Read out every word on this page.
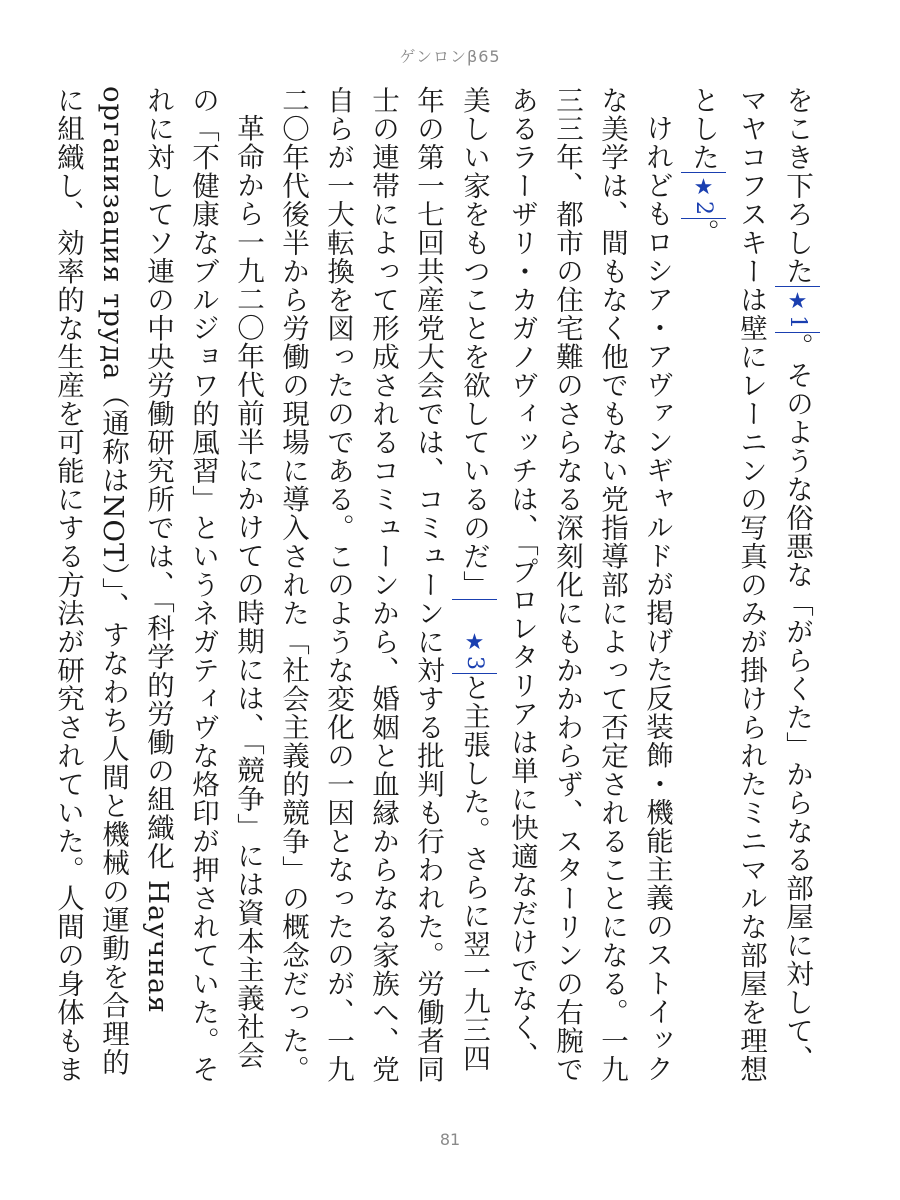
ゲンロンβ65

をこき下ろした★1。そのような俗悪な「がらくた」からなる部屋に対して、マヤコフスキーは壁にレーニンの写真のみが掛けられたミニマルな部屋を理想とした★2。

けれどもロシア・アヴァンギャルドが掲げた反装飾・機能主義のストイックな美学は、間もなく他でもない党指導部によって否定されることになる。一九三三年、都市の住宅難のさらなる深刻化にもかかわらず、スターリンの右腕であるラーザリ・カガノヴィッチは、「プロレタリアは単に快適なだけでなく、美しい家をもつことを欲しているのだ」★3と主張した。さらに翌一九三四年の第一七回共産党大会では、コミューンに対する批判も行われた。労働者同士の連帯によって形成されるコミューンから、婚姻と血縁からなる家族へ、党自らが一大転換を図ったのである。このような変化の一因となったのが、一九二〇年代後半から労働の現場に導入された「社会主義的競争」の概念だった。

革命から一九二〇年代前半にかけての時期には、「競争」には資本主義社会の「不健康なブルジョワ的風習」というネガティヴな烙印が押されていた。それに対してソ連の中央労働研究所では、「科学的労働の組織化 Научная организация труда（通称はNOT）」、すなわち人間と機械の運動を合理的に組織し、効率的な生産を可能にする方法が研究されていた。人間の身体もま

81
